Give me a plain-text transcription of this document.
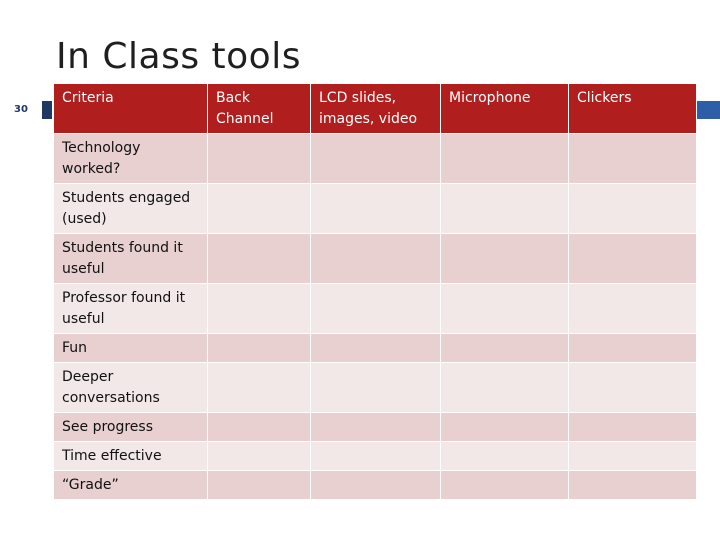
In Class tools
30
Criteria	Back Channel	LCD slides, images, video	Microphone	Clickers
Technology worked?				
Students engaged (used)				
Students found it useful				
Professor found it useful				
Fun				
Deeper conversations				
See progress				
Time effective				
“Grade”				
